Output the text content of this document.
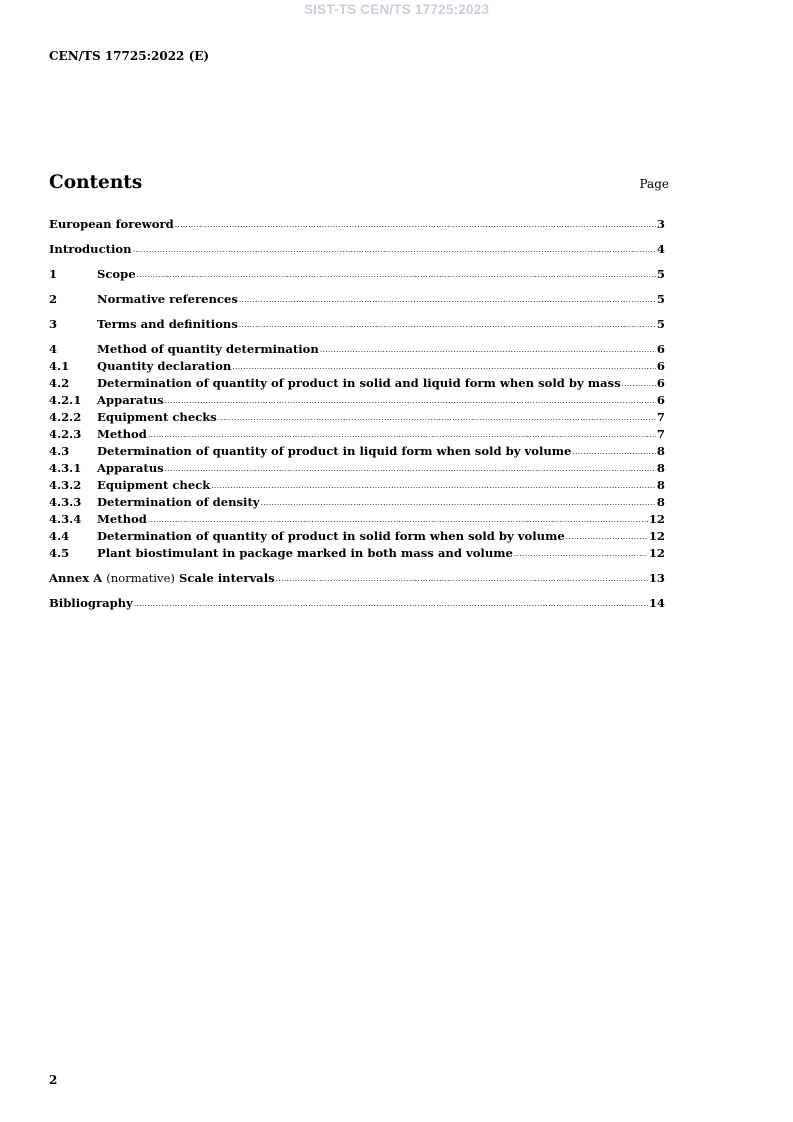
SIST-TS CEN/TS 17725:2023
CEN/TS 17725:2022 (E)
Contents	Page
European foreword .....	3
Introduction .....	4
1	Scope .....	5
2	Normative references .....	5
3	Terms and definitions .....	5
4	Method of quantity determination .....	6
4.1	Quantity declaration .....	6
4.2	Determination of quantity of product in solid and liquid form when sold by mass .....	6
4.2.1	Apparatus .....	6
4.2.2	Equipment checks .....	7
4.2.3	Method .....	7
4.3	Determination of quantity of product in liquid form when sold by volume .....	8
4.3.1	Apparatus .....	8
4.3.2	Equipment check .....	8
4.3.3	Determination of density .....	8
4.3.4	Method .....	12
4.4	Determination of quantity of product in solid form when sold by volume .....	12
4.5	Plant biostimulant in package marked in both mass and volume .....	12
Annex A (normative) Scale intervals .....	13
Bibliography .....	14
2
